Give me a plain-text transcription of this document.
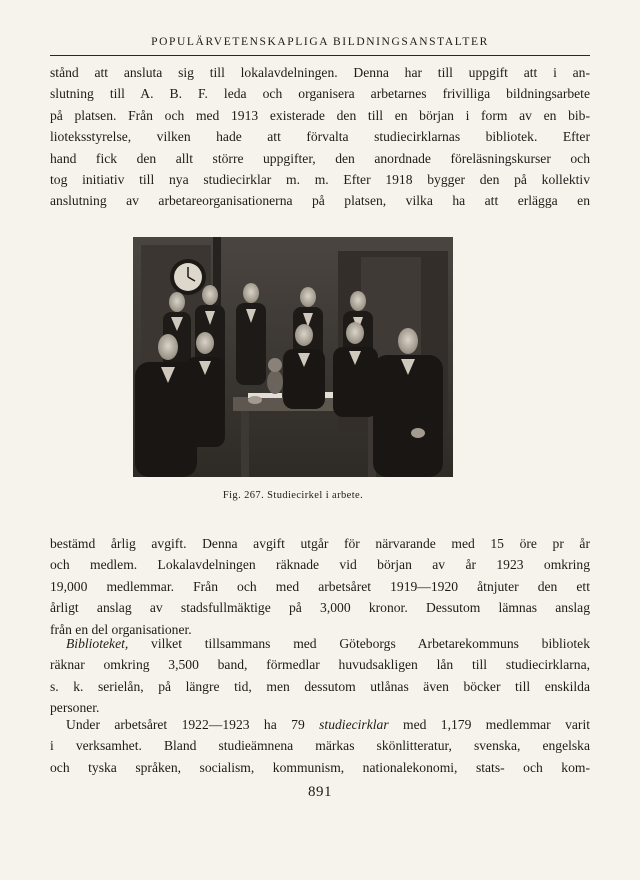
POPULÄRVETENSKAPLIGA BILDNINGSANSTALTER

stånd att ansluta sig till lokalavdelningen. Denna har till uppgift att i an-
slutning till A. B. F. leda och organisera arbetarnes frivilliga bildningsarbete
på platsen. Från och med 1913 existerade den till en början i form av en bib-
lioteksstyrelse, vilken hade att förvalta studiecirklarnas bibliotek. Efter
hand fick den allt större uppgifter, den anordnade föreläsningskurser och
tog initiativ till nya studiecirklar m. m. Efter 1918 bygger den på kollektiv
anslutning av arbetareorganisationerna på platsen, vilka ha att erlägga en

Fig. 267. Studiecirkel i arbete.

bestämd årlig avgift. Denna avgift utgår för närvarande med 15 öre pr år
och medlem. Lokalavdelningen räknade vid början av år 1923 omkring
19,000 medlemmar. Från och med arbetsåret 1919—1920 åtnjuter den ett
årligt anslag av stadsfullmäktige på 3,000 kronor. Dessutom lämnas anslag
från en del organisationer.

Biblioteket, vilket tillsammans med Göteborgs Arbetarekommuns bibliotek
räknar omkring 3,500 band, förmedlar huvudsakligen lån till studiecirklarna,
s. k. serielån, på längre tid, men dessutom utlånas även böcker till enskilda
personer.

Under arbetsåret 1922—1923 ha 79 studiecirklar med 1,179 medlemmar varit
i verksamhet. Bland studieämnena märkas skönlitteratur, svenska, engelska
och tyska språken, socialism, kommunism, nationalekonomi, stats- och kom-

891
